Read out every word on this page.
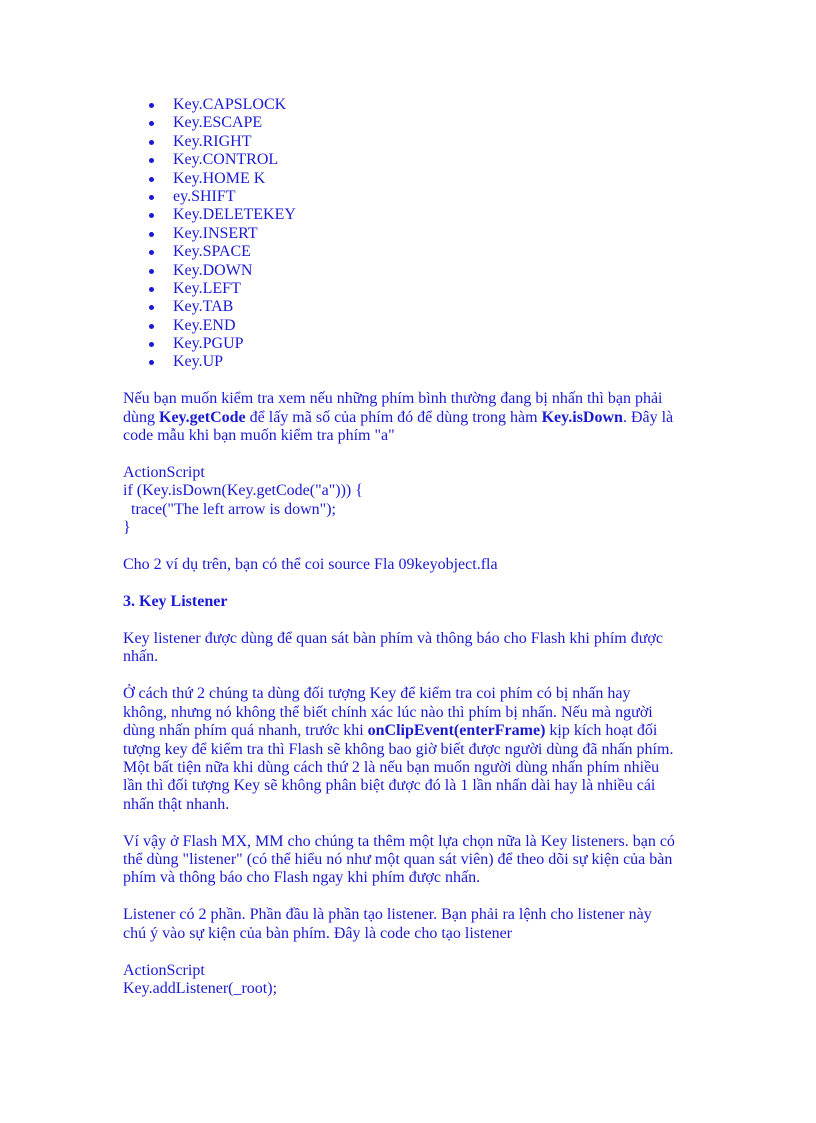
Key.CAPSLOCK
Key.ESCAPE
Key.RIGHT
Key.CONTROL
Key.HOME K
ey.SHIFT
Key.DELETEKEY
Key.INSERT
Key.SPACE
Key.DOWN
Key.LEFT
Key.TAB
Key.END
Key.PGUP
Key.UP

Nếu bạn muốn kiểm tra xem nếu những phím bình thường đang bị nhấn thì bạn phải

dùng Key.getCode để lấy mã số của phím đó để dùng trong hàm Key.isDown. Đây là

code mẫu khi bạn muốn kiểm tra phím "a"

ActionScript

if (Key.isDown(Key.getCode("a"))) {

trace("The left arrow is down");

}

Cho 2 ví dụ trên, bạn có thể coi source Fla 09keyobject.fla

3. Key Listener

Key listener được dùng để quan sát bàn phím và thông báo cho Flash khi phím được

nhấn.

Ở cách thứ 2 chúng ta dùng đối tượng Key để kiểm tra coi phím có bị nhấn hay

không, nhưng nó không thể biết chính xác lúc nào thì phím bị nhấn. Nếu mà người

dùng nhấn phím quá nhanh, trước khi onClipEvent(enterFrame) kịp kích hoạt đối

tượng key để kiểm tra thì Flash sẽ không bao giờ biết được người dùng đã nhấn phím.

Một bất tiện nữa khi dùng cách thứ 2 là nếu bạn muốn người dùng nhấn phím nhiều

lần thì đối tượng Key sẽ không phân biệt được đó là 1 lần nhấn dài hay là nhiều cái

nhấn thật nhanh.

Ví vậy ở Flash MX, MM cho chúng ta thêm một lựa chọn nữa là Key listeners. bạn có

thể dùng "listener" (có thể hiểu nó như một quan sát viên) để theo dõi sự kiện của bàn

phím và thông báo cho Flash ngay khi phím được nhấn.

Listener có 2 phần. Phần đầu là phần tạo listener. Bạn phải ra lệnh cho listener này

chú ý vào sự kiện của bàn phím. Đây là code cho tạo listener

ActionScript

Key.addListener(_root);
